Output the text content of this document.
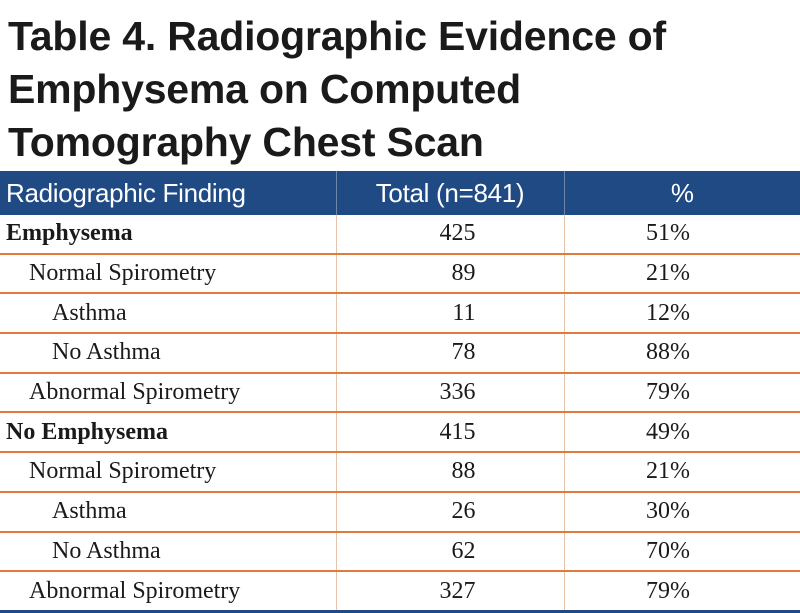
Table 4. Radiographic Evidence of
Emphysema on Computed
Tomography Chest Scan
Radiographic Finding	Total (n=841)	%
Emphysema	425	51%
Normal Spirometry	89	21%
Asthma	11	12%
No Asthma	78	88%
Abnormal Spirometry	336	79%
No Emphysema	415	49%
Normal Spirometry	88	21%
Asthma	26	30%
No Asthma	62	70%
Abnormal Spirometry	327	79%
